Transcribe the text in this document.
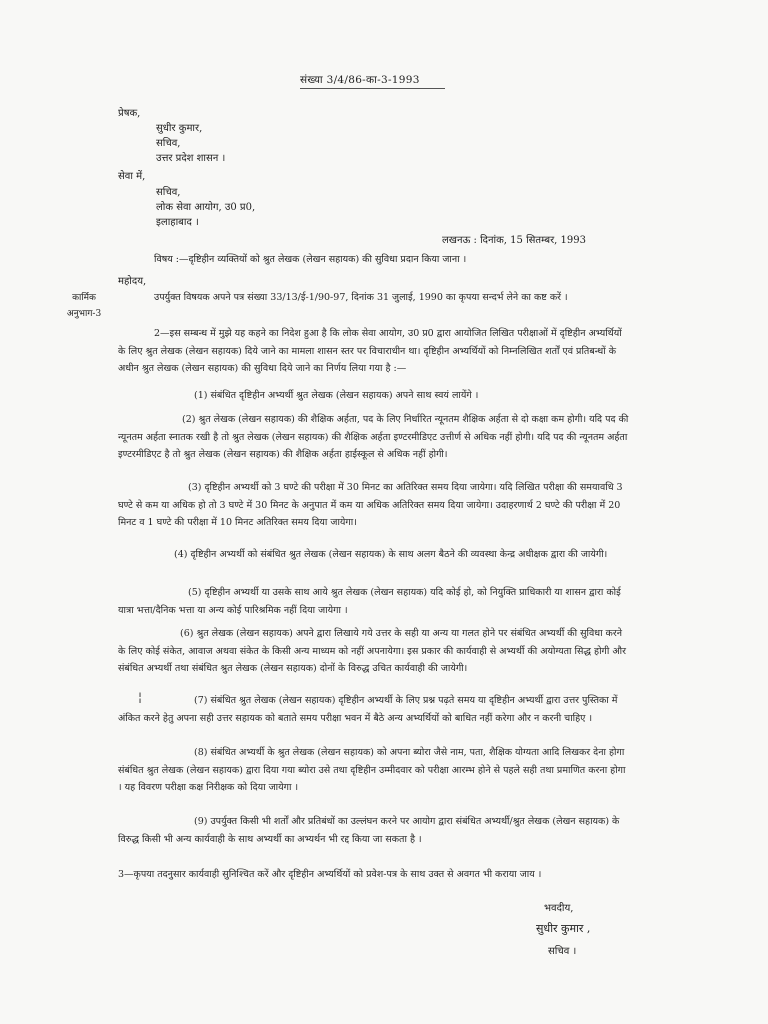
संख्या 3/4/86-का-3-1993
प्रेषक,
सुधीर कुमार,
सचिव,
उत्तर प्रदेश शासन ।
सेवा में,
सचिव,
लोक सेवा आयोग, उ0 प्र0,
इलाहाबाद ।
लखनऊ : दिनांक, 15 सितम्बर, 1993
विषय :—दृष्टिहीन व्यक्तियों को श्रुत लेखक (लेखन सहायक) की सुविधा प्रदान किया जाना ।
महोदय,
कार्मिक
अनुभाग-3
उपर्युक्त विषयक अपने पत्र संख्या 33/13/ई-1/90-97, दिनांक 31 जुलाई, 1990 का कृपया सन्दर्भ लेने का कष्ट करें ।
2—इस सम्बन्ध में मुझे यह कहने का निदेश हुआ है कि लोक सेवा आयोग, उ0 प्र0 द्वारा आयोजित लिखित परीक्षाओं में दृष्टिहीन अभ्यर्थियों के लिए श्रुत लेखक (लेखन सहायक) दिये जाने का मामला शासन स्तर पर विचाराधीन था। दृष्टिहीन अभ्यर्थियों को निम्नलिखित शर्तों एवं प्रतिबन्धों के अधीन श्रुत लेखक (लेखन सहायक) की सुविधा दिये जाने का निर्णय लिया गया है :—
(1) संबंधित दृष्टिहीन अभ्यर्थी श्रुत लेखक (लेखन सहायक) अपने साथ स्वयं लायेंगे ।
(2) श्रुत लेखक (लेखन सहायक) की शैक्षिक अर्हता, पद के लिए निर्धारित न्यूनतम शैक्षिक अर्हता से दो कक्षा कम होगी। यदि पद की न्यूनतम अर्हता स्नातक रखी है तो श्रुत लेखक (लेखन सहायक) की शैक्षिक अर्हता इण्टरमीडिएट उत्तीर्ण से अधिक नहीं होगी। यदि पद की न्यूनतम अर्हता इण्टरमीडिएट है तो श्रुत लेखक (लेखन सहायक) की शैक्षिक अर्हता हाईस्कूल से अधिक नहीं होगी।
(3) दृष्टिहीन अभ्यर्थी को 3 घण्टे की परीक्षा में 30 मिनट का अतिरिक्त समय दिया जायेगा। यदि लिखित परीक्षा की समयावधि 3 घण्टे से कम या अधिक हो तो 3 घण्टे में 30 मिनट के अनुपात में कम या अधिक अतिरिक्त समय दिया जायेगा। उदाहरणार्थ 2 घण्टे की परीक्षा में 20 मिनट व 1 घण्टे की परीक्षा में 10 मिनट अतिरिक्त समय दिया जायेगा।
(4) दृष्टिहीन अभ्यर्थी को संबंधित श्रुत लेखक (लेखन सहायक) के साथ अलग बैठने की व्यवस्था केन्द्र अधीक्षक द्वारा की जायेगी।
(5) दृष्टिहीन अभ्यर्थी या उसके साथ आये श्रुत लेखक (लेखन सहायक) यदि कोई हो, को नियुक्ति प्राधिकारी या शासन द्वारा कोई यात्रा भत्ता/दैनिक भत्ता या अन्य कोई पारिश्रमिक नहीं दिया जायेगा ।
(6) श्रुत लेखक (लेखन सहायक) अपने द्वारा लिखाये गये उत्तर के सही या अन्य या गलत होने पर संबंधित अभ्यर्थी की सुविधा करने के लिए कोई संकेत, आवाज अथवा संकेत के किसी अन्य माध्यम को नहीं अपनायेगा। इस प्रकार की कार्यवाही से अभ्यर्थी की अयोग्यता सिद्ध होगी और संबंधित अभ्यर्थी तथा संबंधित श्रुत लेखक (लेखन सहायक) दोनों के विरुद्ध उचित कार्यवाही की जायेगी।
¦	(7) संबंधित श्रुत लेखक (लेखन सहायक) दृष्टिहीन अभ्यर्थी के लिए प्रश्न पढ़ते समय या दृष्टिहीन अभ्यर्थी द्वारा उत्तर पुस्तिका में अंकित करने हेतु अपना सही उत्तर सहायक को बताते समय परीक्षा भवन में बैठे अन्य अभ्यर्थियों को बाधित नहीं करेगा और न करनी चाहिए ।
(8) संबंधित अभ्यर्थी के श्रुत लेखक (लेखन सहायक) को अपना ब्योरा जैसे नाम, पता, शैक्षिक योग्यता आदि लिखकर देना होगा संबंधित श्रुत लेखक (लेखन सहायक) द्वारा दिया गया ब्योरा उसे तथा दृष्टिहीन उम्मीदवार को परीक्षा आरम्भ होने से पहले सही तथा प्रमाणित करना होगा । यह विवरण परीक्षा कक्ष निरीक्षक को दिया जायेगा ।
(9) उपर्युक्त किसी भी शर्तों और प्रतिबंधों का उल्लंघन करने पर आयोग द्वारा संबंधित अभ्यर्थी/श्रुत लेखक (लेखन सहायक) के विरुद्ध किसी भी अन्य कार्यवाही के साथ अभ्यर्थी का अभ्यर्थन भी रद्द किया जा सकता है ।
3—कृपया तदनुसार कार्यवाही सुनिश्चित करें और दृष्टिहीन अभ्यर्थियों को प्रवेश-पत्र के साथ उक्त से अवगत भी कराया जाय ।
भवदीय,
सुधीर कुमार ,
सचिव ।
